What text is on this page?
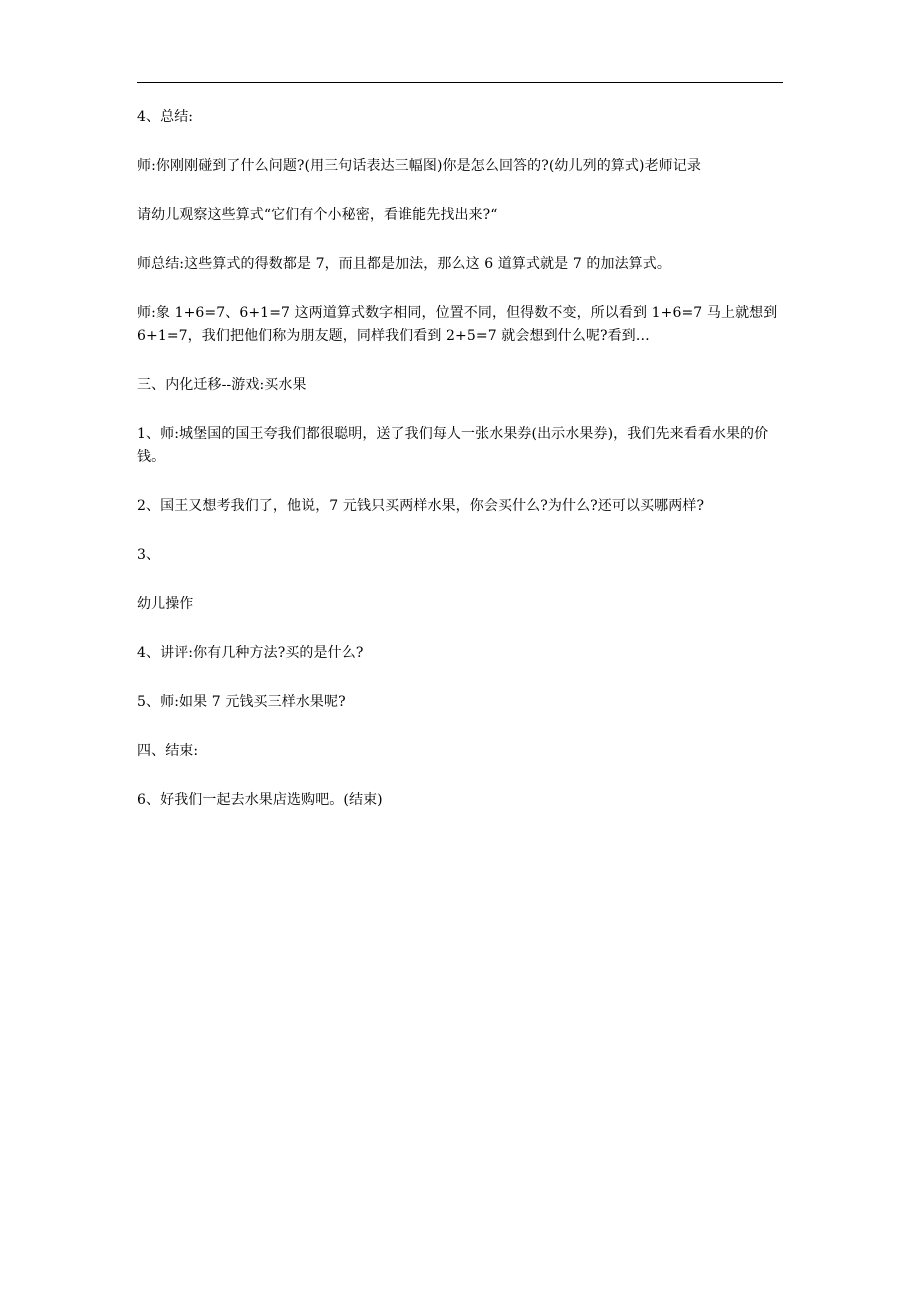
4、总结:

师:你刚刚碰到了什么问题?(用三句话表达三幅图)你是怎么回答的?(幼儿列的算式)老师记录

请幼儿观察这些算式“它们有个小秘密，看谁能先找出来?“

师总结:这些算式的得数都是 7，而且都是加法，那么这 6 道算式就是 7 的加法算式。

师:象 1+6=7、6+1=7 这两道算式数字相同，位置不同，但得数不变，所以看到 1+6=7 马上就想到 6+1=7，我们把他们称为朋友题，同样我们看到 2+5=7 就会想到什么呢?看到…

三、内化迁移--游戏:买水果

1、师:城堡国的国王夸我们都很聪明，送了我们每人一张水果券(出示水果券)，我们先来看看水果的价钱。

2、国王又想考我们了，他说，7 元钱只买两样水果，你会买什么?为什么?还可以买哪两样?

3、

幼儿操作

4、讲评:你有几种方法?买的是什么?

5、师:如果 7 元钱买三样水果呢?

四、结束:

6、好我们一起去水果店选购吧。(结束)
